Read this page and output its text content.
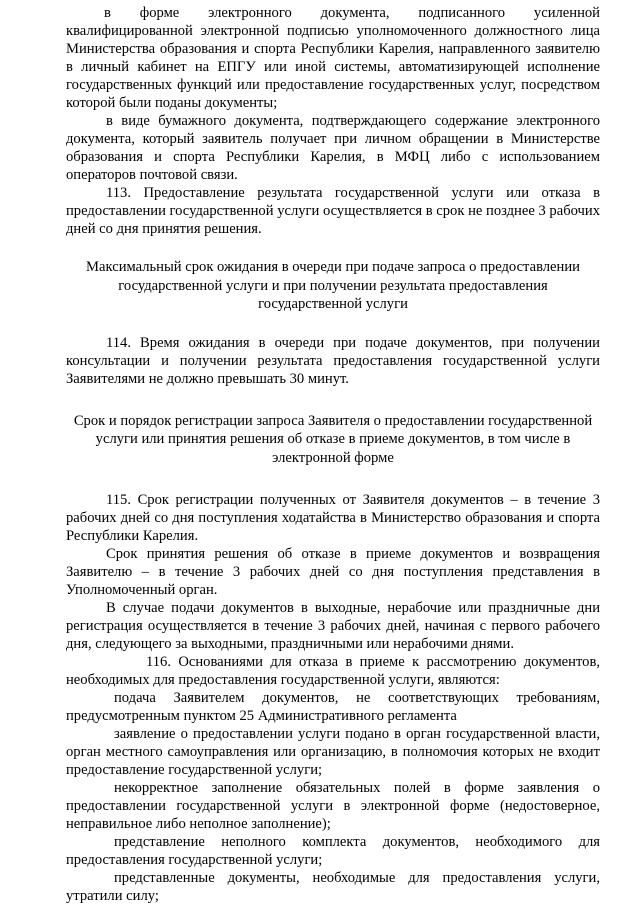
в форме электронного документа, подписанного усиленной квалифицированной электронной подписью уполномоченного должностного лица Министерства образования и спорта Республики Карелия, направленного заявителю в личный кабинет на ЕПГУ или иной системы, автоматизирующей исполнение государственных функций или предоставление государственных услуг, посредством которой были поданы документы;

в виде бумажного документа, подтверждающего содержание электронного документа, который заявитель получает при личном обращении в Министерстве образования и спорта Республики Карелия, в МФЦ либо с использованием операторов почтовой связи.

113. Предоставление результата государственной услуги или отказа в предоставлении государственной услуги осуществляется в срок не позднее 3 рабочих дней со дня принятия решения.

Максимальный срок ожидания в очереди при подаче запроса о предоставлении государственной услуги и при получении результата предоставления государственной услуги

114. Время ожидания в очереди при подаче документов, при получении консультации и получении результата предоставления государственной услуги Заявителями не должно превышать 30 минут.

Срок и порядок регистрации запроса Заявителя о предоставлении государственной услуги или принятия решения об отказе в приеме документов, в том числе в электронной форме

115. Срок регистрации полученных от Заявителя документов – в течение 3 рабочих дней со дня поступления ходатайства в Министерство образования и спорта Республики Карелия.

Срок принятия решения об отказе в приеме документов и возвращения Заявителю – в течение 3 рабочих дней со дня поступления представления в Уполномоченный орган.

В случае подачи документов в выходные, нерабочие или праздничные дни регистрация осуществляется в течение 3 рабочих дней, начиная с первого рабочего дня, следующего за выходными, праздничными или нерабочими днями.

116. Основаниями для отказа в приеме к рассмотрению документов, необходимых для предоставления государственной услуги, являются:

подача Заявителем документов, не соответствующих требованиям, предусмотренным пунктом 25 Административного регламента

заявление о предоставлении услуги подано в орган государственной власти, орган местного самоуправления или организацию, в полномочия которых не входит предоставление государственной услуги;

некорректное заполнение обязательных полей в форме заявления о предоставлении государственной услуги в электронной форме (недостоверное, неправильное либо неполное заполнение);

представление неполного комплекта документов, необходимого для предоставления государственной услуги;

представленные документы, необходимые для предоставления услуги, утратили силу;
